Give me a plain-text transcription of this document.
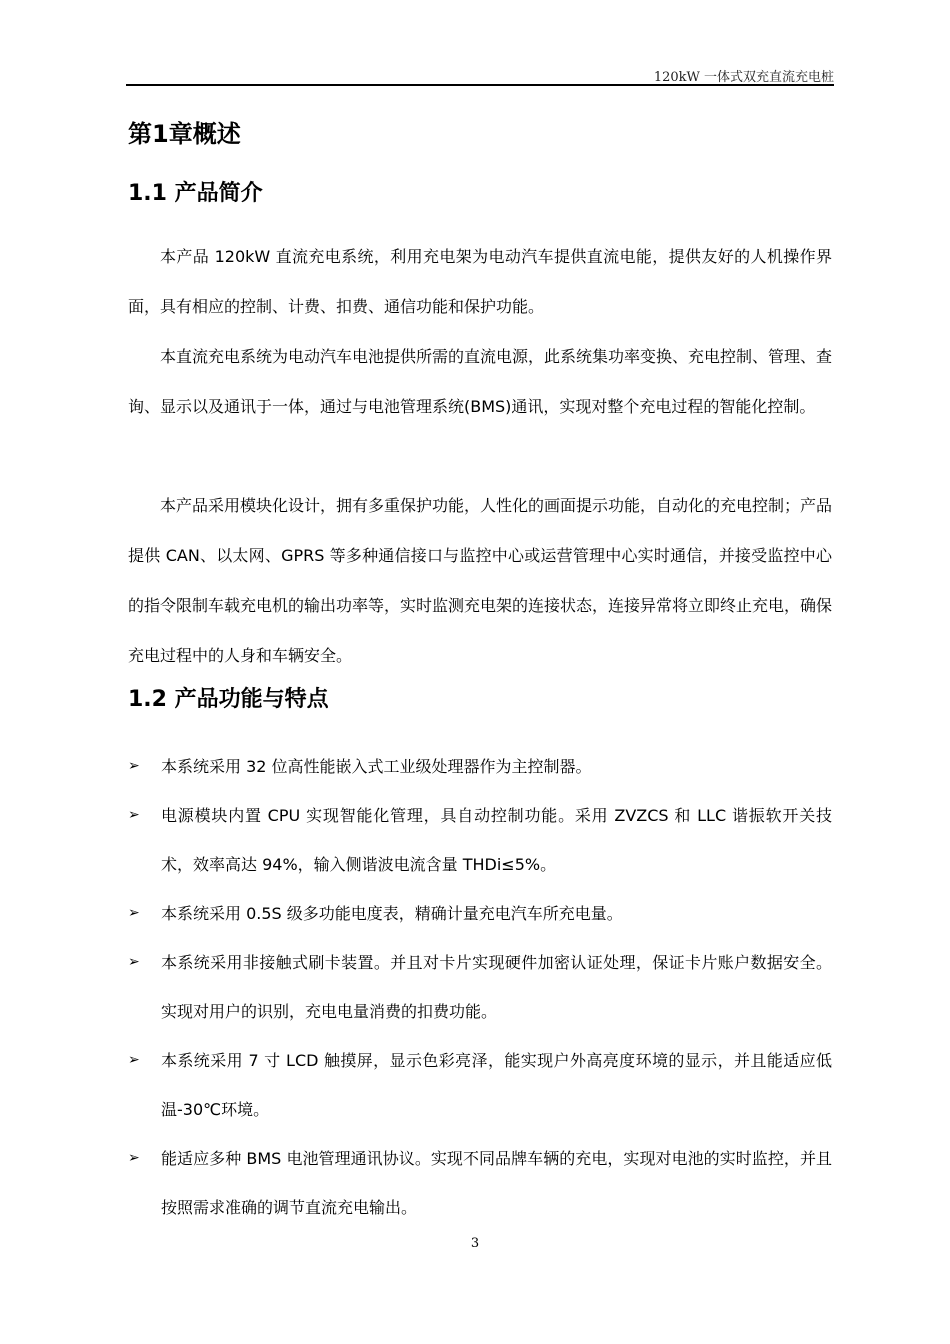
120kW 一体式双充直流充电桩
第1章概述
1.1 产品简介

本产品 120kW 直流充电系统，利用充电架为电动汽车提供直流电能，提供友好的人机操作界面，具有相应的控制、计费、扣费、通信功能和保护功能。

本直流充电系统为电动汽车电池提供所需的直流电源，此系统集功率变换、充电控制、管理、查询、显示以及通讯于一体，通过与电池管理系统(BMS)通讯，实现对整个充电过程的智能化控制。

本产品采用模块化设计，拥有多重保护功能，人性化的画面提示功能，自动化的充电控制；产品提供 CAN、以太网、GPRS 等多种通信接口与监控中心或运营管理中心实时通信，并接受监控中心的指令限制车载充电机的输出功率等，实时监测充电架的连接状态，连接异常将立即终止充电，确保充电过程中的人身和车辆安全。

1.2 产品功能与特点
➢ 本系统采用 32 位高性能嵌入式工业级处理器作为主控制器。
➢ 电源模块内置 CPU 实现智能化管理，具自动控制功能。采用 ZVZCS 和 LLC 谐振软开关技术，效率高达 94%，输入侧谐波电流含量 THDi≤5%。
➢ 本系统采用 0.5S 级多功能电度表，精确计量充电汽车所充电量。
➢ 本系统采用非接触式刷卡装置。并且对卡片实现硬件加密认证处理，保证卡片账户数据安全。实现对用户的识别，充电电量消费的扣费功能。
➢ 本系统采用 7 寸 LCD 触摸屏，显示色彩亮泽，能实现户外高亮度环境的显示，并且能适应低温-30℃环境。
➢ 能适应多种 BMS 电池管理通讯协议。实现不同品牌车辆的充电，实现对电池的实时监控，并且按照需求准确的调节直流充电输出。
3
